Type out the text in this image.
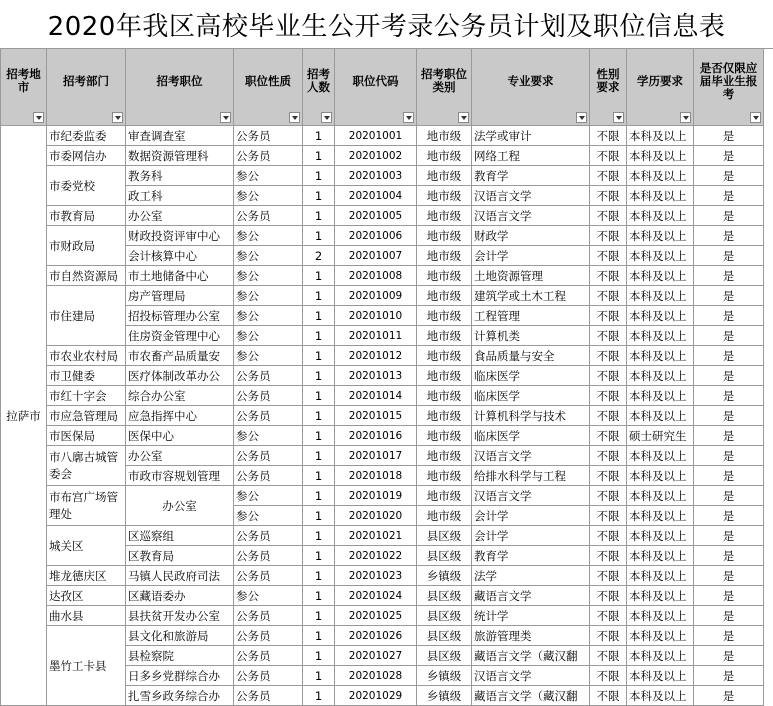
2020年我区高校毕业生公开考录公务员计划及职位信息表
招考地市	招考部门	招考职位	职位性质	招考人数	职位代码	招考职位类别	专业要求	性别要求	学历要求	是否仅限应届毕业生报考

拉萨市	市纪委监委	审查调查室	公务员	1	20201001	地市级	法学或审计	不限	本科及以上	是
	市委网信办	数据资源管理科	公务员	1	20201002	地市级	网络工程	不限	本科及以上	是
	市委党校	教务科	参公	1	20201003	地市级	教育学	不限	本科及以上	是
		政工科	参公	1	20201004	地市级	汉语言文学	不限	本科及以上	是
	市教育局	办公室	公务员	1	20201005	地市级	汉语言文学	不限	本科及以上	是
	市财政局	财政投资评审中心	参公	1	20201006	地市级	财政学	不限	本科及以上	是
		会计核算中心	参公	2	20201007	地市级	会计学	不限	本科及以上	是
	市自然资源局	市土地储备中心	参公	1	20201008	地市级	土地资源管理	不限	本科及以上	是
	市住建局	房产管理局	参公	1	20201009	地市级	建筑学或土木工程	不限	本科及以上	是
		招投标管理办公室	参公	1	20201010	地市级	工程管理	不限	本科及以上	是
		住房资金管理中心	参公	1	20201011	地市级	计算机类	不限	本科及以上	是
	市农业农村局	市农畜产品质量安	参公	1	20201012	地市级	食品质量与安全	不限	本科及以上	是
	市卫健委	医疗体制改革办公	公务员	1	20201013	地市级	临床医学	不限	本科及以上	是
	市红十字会	综合办公室	公务员	1	20201014	地市级	临床医学	不限	本科及以上	是
	市应急管理局	应急指挥中心	公务员	1	20201015	地市级	计算机科学与技术	不限	本科及以上	是
	市医保局	医保中心	参公	1	20201016	地市级	临床医学	不限	硕士研究生	是
	市八廓古城管委会	办公室	公务员	1	20201017	地市级	汉语言文学	不限	本科及以上	是
		市政市容规划管理	公务员	1	20201018	地市级	给排水科学与工程	不限	本科及以上	是
	市布宫广场管理处	办公室	参公	1	20201019	地市级	汉语言文学	不限	本科及以上	是
			参公	1	20201020	地市级	会计学	不限	本科及以上	是
	城关区	区巡察组	公务员	1	20201021	县区级	会计学	不限	本科及以上	是
		区教育局	公务员	1	20201022	县区级	教育学	不限	本科及以上	是
	堆龙德庆区	马镇人民政府司法	公务员	1	20201023	乡镇级	法学	不限	本科及以上	是
	达孜区	区藏语委办	参公	1	20201024	县区级	藏语言文学	不限	本科及以上	是
	曲水县	县扶贫开发办公室	公务员	1	20201025	县区级	统计学	不限	本科及以上	是
	墨竹工卡县	县文化和旅游局	公务员	1	20201026	县区级	旅游管理类	不限	本科及以上	是
		县检察院	公务员	1	20201027	县区级	藏语言文学（藏汉翻	不限	本科及以上	是
		日多乡党群综合办	公务员	1	20201028	乡镇级	汉语言文学	不限	本科及以上	是
		扎雪乡政务综合办	公务员	1	20201029	乡镇级	藏语言文学（藏汉翻	不限	本科及以上	是
